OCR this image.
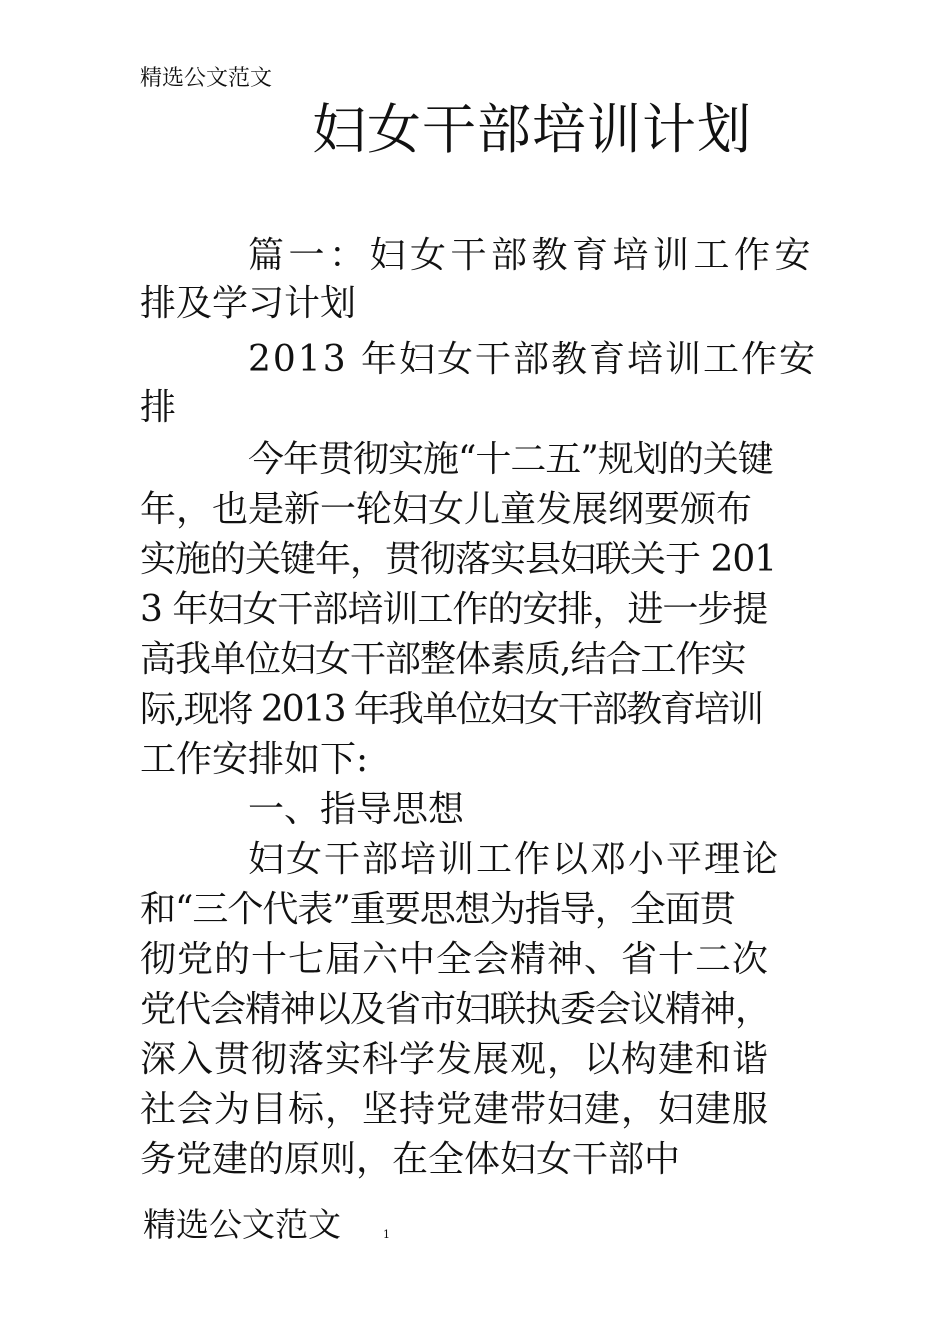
精选公文范文
妇女干部培训计划
篇一：妇女干部教育培训工作安
排及学习计划
2013 年妇女干部教育培训工作安
排
今年贯彻实施“十二五”规划的关键
年，也是新一轮妇女儿童发展纲要颁布
实施的关键年，贯彻落实县妇联关于 201
3 年妇女干部培训工作的安排，进一步提
高我单位妇女干部整体素质,结合工作实
际,现将 2013 年我单位妇女干部教育培训
工作安排如下:
一、指导思想
妇女干部培训工作以邓小平理论
和“三个代表”重要思想为指导，全面贯
彻党的十七届六中全会精神、省十二次
党代会精神以及省市妇联执委会议精神，
深入贯彻落实科学发展观，以构建和谐
社会为目标，坚持党建带妇建，妇建服
务党建的原则，在全体妇女干部中
精选公文范文	1
